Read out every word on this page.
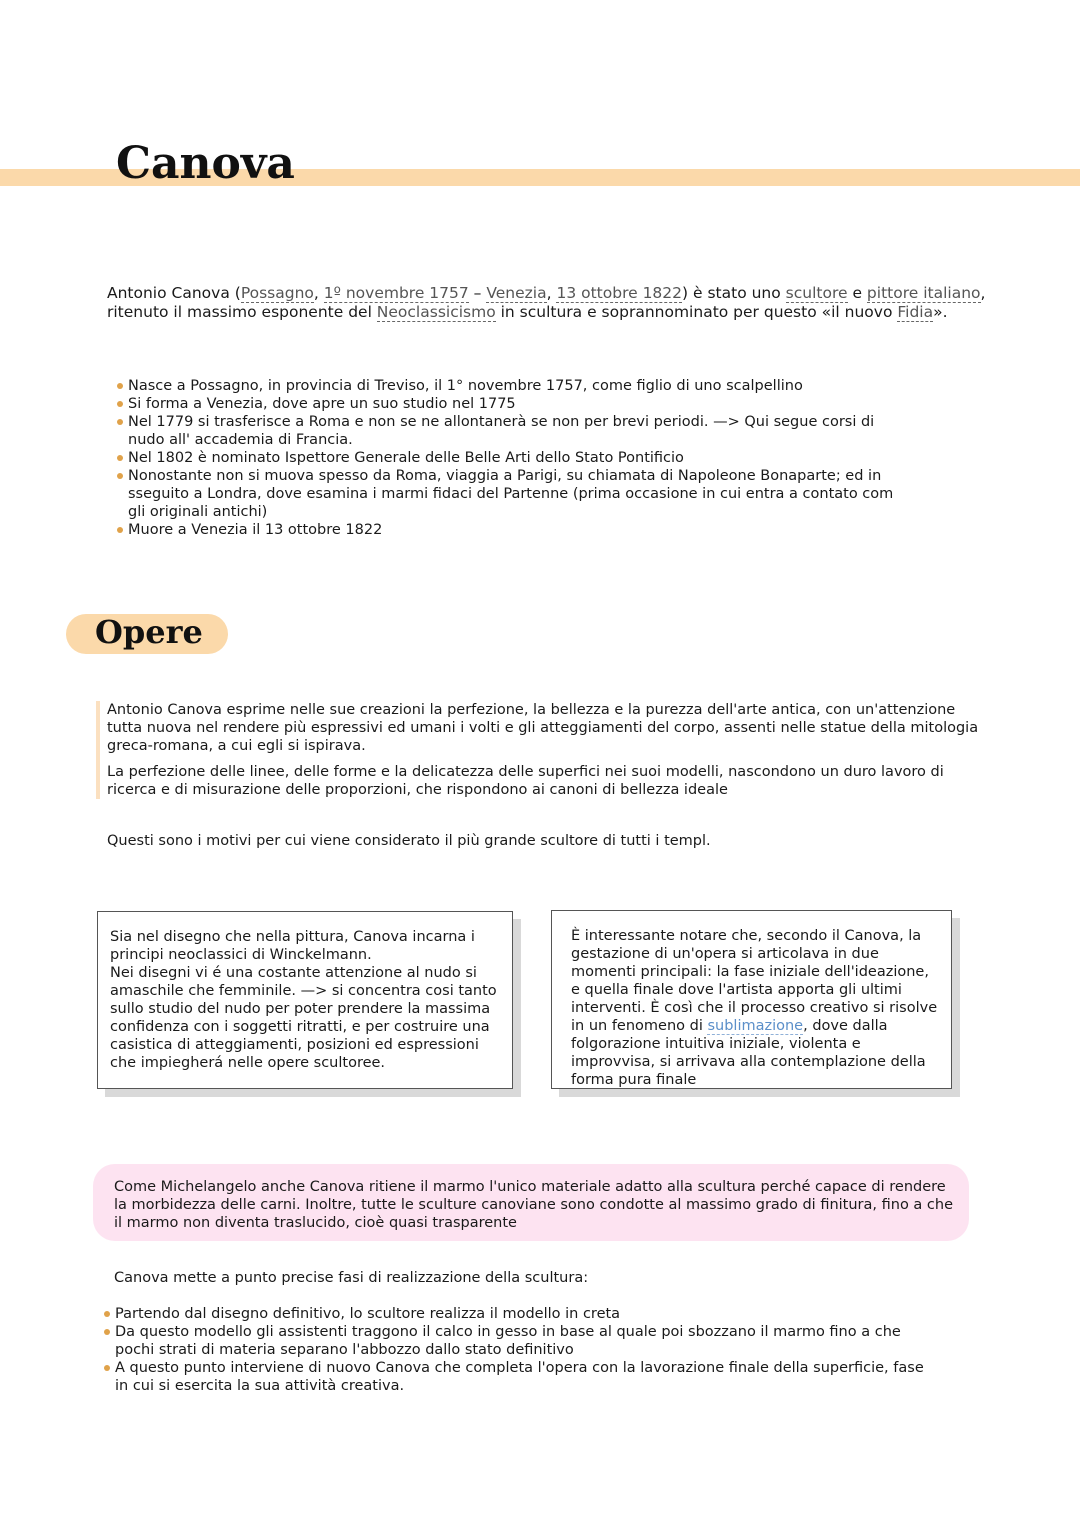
Canova

Antonio Canova (Possagno, 1º novembre 1757 – Venezia, 13 ottobre 1822) è stato uno scultore e pittore italiano, ritenuto il massimo esponente del Neoclassicismo in scultura e soprannominato per questo «il nuovo Fidia».

Nasce a Possagno, in provincia di Treviso, il 1° novembre 1757, come figlio di uno scalpellino
Si forma a Venezia, dove apre un suo studio nel 1775
Nel 1779 si trasferisce a Roma e non se ne allontanerà se non per brevi periodi. —> Qui segue corsi di nudo all' accademia di Francia.
Nel 1802 è nominato Ispettore Generale delle Belle Arti dello Stato Pontificio
Nonostante non si muova spesso da Roma, viaggia a Parigi, su chiamata di Napoleone Bonaparte; ed in sseguito a Londra, dove esamina i marmi fidaci del Partenne (prima occasione in cui entra a contato com gli originali antichi)
Muore a Venezia il 13 ottobre 1822
Opere

Antonio Canova esprime nelle sue creazioni la perfezione, la bellezza e la purezza dell'arte antica, con un'attenzione tutta nuova nel rendere più espressivi ed umani i volti e gli atteggiamenti del corpo, assenti nelle statue della mitologia greca-romana, a cui egli si ispirava.

La perfezione delle linee, delle forme e la delicatezza delle superfici nei suoi modelli, nascondono un duro lavoro di ricerca e di misurazione delle proporzioni, che rispondono ai canoni di bellezza ideale

Questi sono i motivi per cui viene considerato il più grande scultore di tutti i templ.

Sia nel disegno che nella pittura, Canova incarna i principi neoclassici di Winckelmann.
Nei disegni vi é una costante attenzione al nudo si amaschile che femminile. —> si concentra cosi tanto sullo studio del nudo per poter prendere la massima confidenza con i soggetti ritratti, e per costruire una casistica di atteggiamenti, posizioni ed espressioni che impiegherá nelle opere scultoree.

È interessante notare che, secondo il Canova, la gestazione di un'opera si articolava in due momenti principali: la fase iniziale dell'ideazione, e quella finale dove l'artista apporta gli ultimi interventi. È così che il processo creativo si risolve in un fenomeno di sublimazione, dove dalla folgorazione intuitiva iniziale, violenta e improvvisa, si arrivava alla contemplazione della forma pura finale

Come Michelangelo anche Canova ritiene il marmo l'unico materiale adatto alla scultura perché capace di rendere la morbidezza delle carni. Inoltre, tutte le sculture canoviane sono condotte al massimo grado di finitura, fino a che il marmo non diventa traslucido, cioè quasi trasparente

Canova mette a punto precise fasi di realizzazione della scultura:

Partendo dal disegno definitivo, lo scultore realizza il modello in creta
Da questo modello gli assistenti traggono il calco in gesso in base al quale poi sbozzano il marmo fino a che pochi strati di materia separano l'abbozzo dallo stato definitivo
A questo punto interviene di nuovo Canova che completa l'opera con la lavorazione finale della superficie, fase in cui si esercita la sua attività creativa.
